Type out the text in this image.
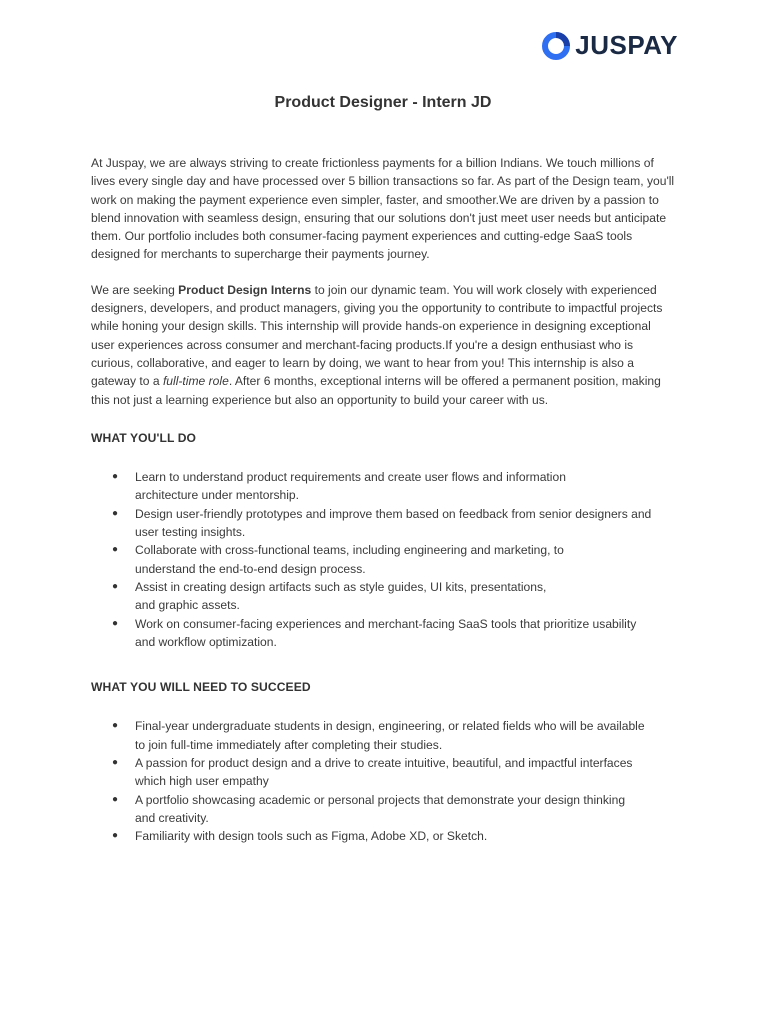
JUSPAY
Product Designer - Intern JD

At Juspay, we are always striving to create frictionless payments for a billion Indians. We touch millions of lives every single day and have processed over 5 billion transactions so far. As part of the Design team, you'll work on making the payment experience even simpler, faster, and smoother.We are driven by a passion to blend innovation with seamless design, ensuring that our solutions don't just meet user needs but anticipate them. Our portfolio includes both consumer-facing payment experiences and cutting-edge SaaS tools designed for merchants to supercharge their payments journey.

We are seeking Product Design Interns to join our dynamic team. You will work closely with experienced designers, developers, and product managers, giving you the opportunity to contribute to impactful projects while honing your design skills. This internship will provide hands-on experience in designing exceptional
user experiences across consumer and merchant-facing products.If you're a design enthusiast who is curious, collaborative, and eager to learn by doing, we want to hear from you! This internship is also a gateway to a full-time role. After 6 months, exceptional interns will be offered a permanent position, making this not just a learning experience but also an opportunity to build your career with us.

WHAT YOU'LL DO
● Learn to understand product requirements and create user flows and information
architecture under mentorship.
● Design user-friendly prototypes and improve them based on feedback from senior designers and
user testing insights.
● Collaborate with cross-functional teams, including engineering and marketing, to
understand the end-to-end design process.
● Assist in creating design artifacts such as style guides, UI kits, presentations,
and graphic assets.
● Work on consumer-facing experiences and merchant-facing SaaS tools that prioritize usability
and workflow optimization.
WHAT YOU WILL NEED TO SUCCEED
● Final-year undergraduate students in design, engineering, or related fields who will be available
to join full-time immediately after completing their studies.
● A passion for product design and a drive to create intuitive, beautiful, and impactful interfaces
which high user empathy
● A portfolio showcasing academic or personal projects that demonstrate your design thinking
and creativity.
● Familiarity with design tools such as Figma, Adobe XD, or Sketch.
